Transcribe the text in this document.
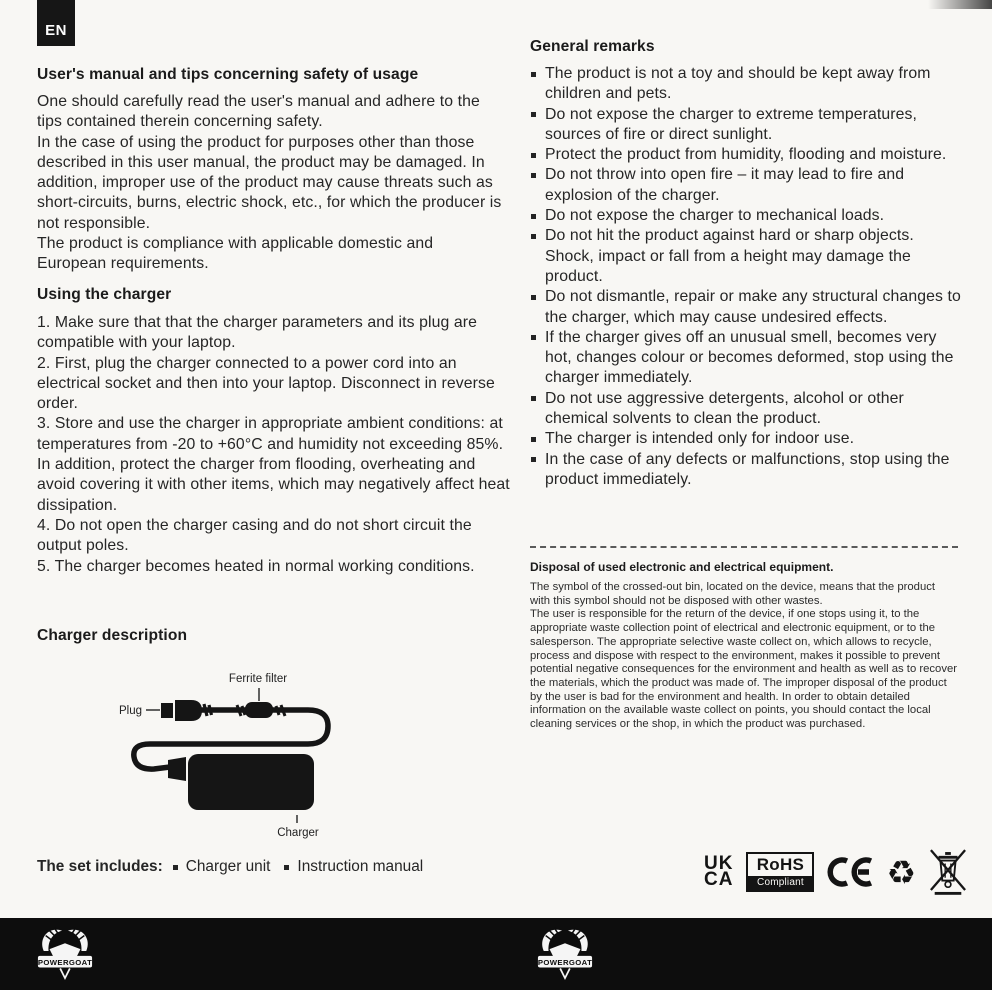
EN
User's manual and tips concerning safety of usage
One should carefully read the user's manual and adhere to the tips contained therein concerning safety.
In the case of using the product for purposes other than those described in this user manual, the product may be damaged. In addition, improper use of the product may cause threats such as short-circuits, burns, electric shock, etc., for which the producer is not responsible.
The product is compliance with applicable domestic and European requirements.
Using the charger
1. Make sure that that the charger parameters and its plug are compatible with your laptop.
2. First, plug the charger connected to a power cord into an electrical socket and then into your laptop. Disconnect in reverse order.
3. Store and use the charger in appropriate ambient conditions: at temperatures from -20 to +60°C and humidity not exceeding 85%. In addition, protect the charger from flooding, overheating and avoid covering it with other items, which may negatively affect heat dissipation.
4. Do not open the charger casing and do not short circuit the output poles.
5. The charger becomes heated in normal working conditions.
Charger description
Ferrite filter
Plug
Charger
The set includes: Charger unit Instruction manual
General remarks
The product is not a toy and should be kept away from children and pets.
Do not expose the charger to extreme temperatures, sources of fire or direct sunlight.
Protect the product from humidity, flooding and moisture.
Do not throw into open fire – it may lead to fire and explosion of the charger.
Do not expose the charger to mechanical loads.
Do not hit the product against hard or sharp objects. Shock, impact or fall from a height may damage the product.
Do not dismantle, repair or make any structural changes to the charger, which may cause undesired effects.
If the charger gives off an unusual smell, becomes very hot, changes colour or becomes deformed, stop using the charger immediately.
Do not use aggressive detergents, alcohol or other chemical solvents to clean the product.
The charger is intended only for indoor use.
In the case of any defects or malfunctions, stop using the product immediately.
Disposal of used electronic and electrical equipment.
The symbol of the crossed-out bin, located on the device, means that the product with this symbol should not be disposed with other wastes.
The user is responsible for the return of the device, if one stops using it, to the appropriate waste collection point of electrical and electronic equipment, or to the salesperson. The appropriate selective waste collect on, which allows to recycle, process and dispose with respect to the environment, makes it possible to prevent potential negative consequences for the environment and health as well as to recover the materials, which the product was made of. The improper disposal of the product by the user is bad for the environment and health. In order to obtain detailed information on the available waste collect on points, you should contact the local cleaning services or the shop, in which the product was purchased.
UK
CA
RoHS
Compliant	♻
POWERGOAT	POWERGOAT
